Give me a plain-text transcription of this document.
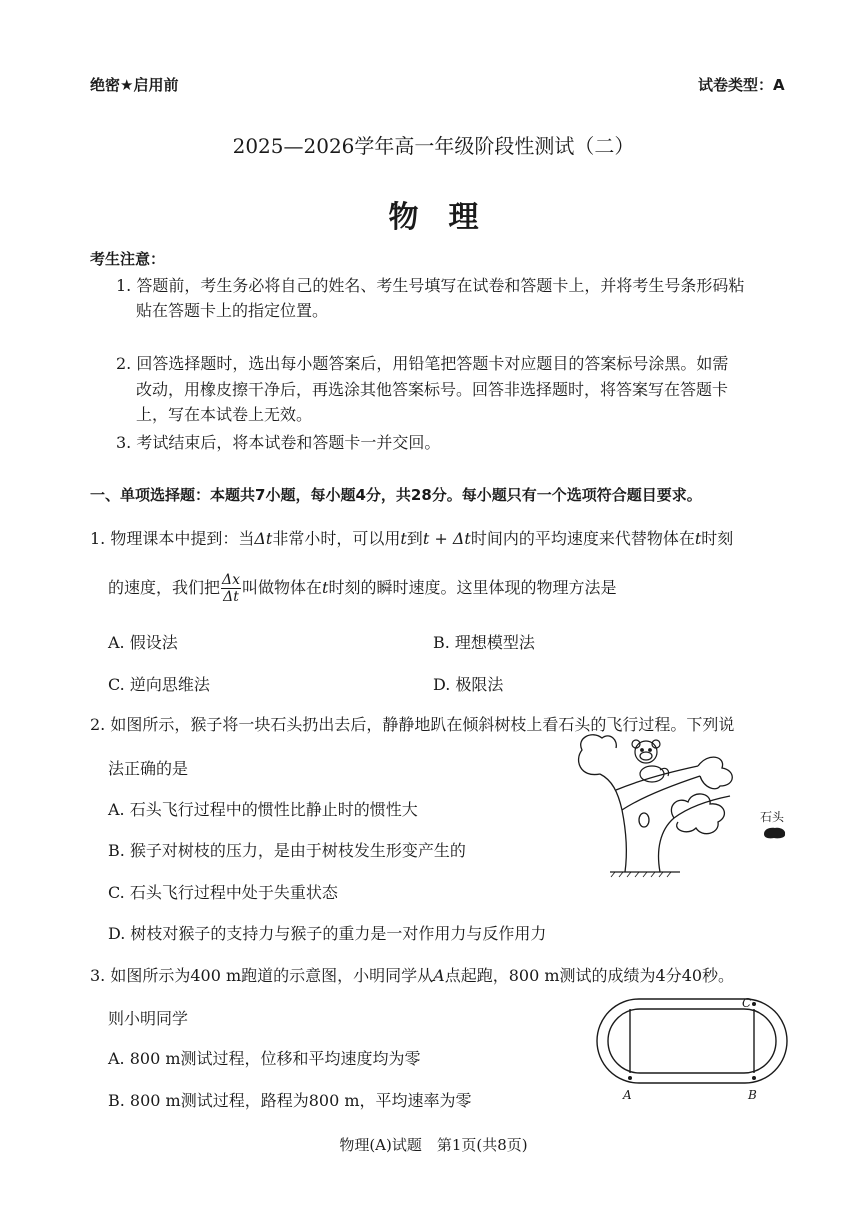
绝密★启用前	试卷类型：A
2025—2026学年高一年级阶段性测试（二）
物　理
考生注意：
1. 答题前，考生务必将自己的姓名、考生号填写在试卷和答题卡上，并将考生号条形码粘
贴在答题卡上的指定位置。
2. 回答选择题时，选出每小题答案后，用铅笔把答题卡对应题目的答案标号涂黑。如需
改动，用橡皮擦干净后，再选涂其他答案标号。回答非选择题时，将答案写在答题卡
上，写在本试卷上无效。
3. 考试结束后，将本试卷和答题卡一并交回。
一、单项选择题：本题共7小题，每小题4分，共28分。每小题只有一个选项符合题目要求。
1. 物理课本中提到：当Δt非常小时，可以用t到t + Δt时间内的平均速度来代替物体在t时刻
的速度，我们把 $\frac{\Delta x}{\Delta t}$ 叫做物体在t时刻的瞬时速度。这里体现的物理方法是
A. 假设法	B. 理想模型法
C. 逆向思维法	D. 极限法
2. 如图所示，猴子将一块石头扔出去后，静静地趴在倾斜树枝上看石头的飞行过程。下列说
法正确的是
A. 石头飞行过程中的惯性比静止时的惯性大
B. 猴子对树枝的压力，是由于树枝发生形变产生的
C. 石头飞行过程中处于失重状态
D. 树枝对猴子的支持力与猴子的重力是一对作用力与反作用力
石头
3. 如图所示为400 m跑道的示意图，小明同学从A点起跑，800 m测试的成绩为4分40秒。
则小明同学
A. 800 m测试过程，位移和平均速度均为零
B. 800 m测试过程，路程为800 m，平均速率为零	A	B
C
物理(A)试题　第1页(共8页)
